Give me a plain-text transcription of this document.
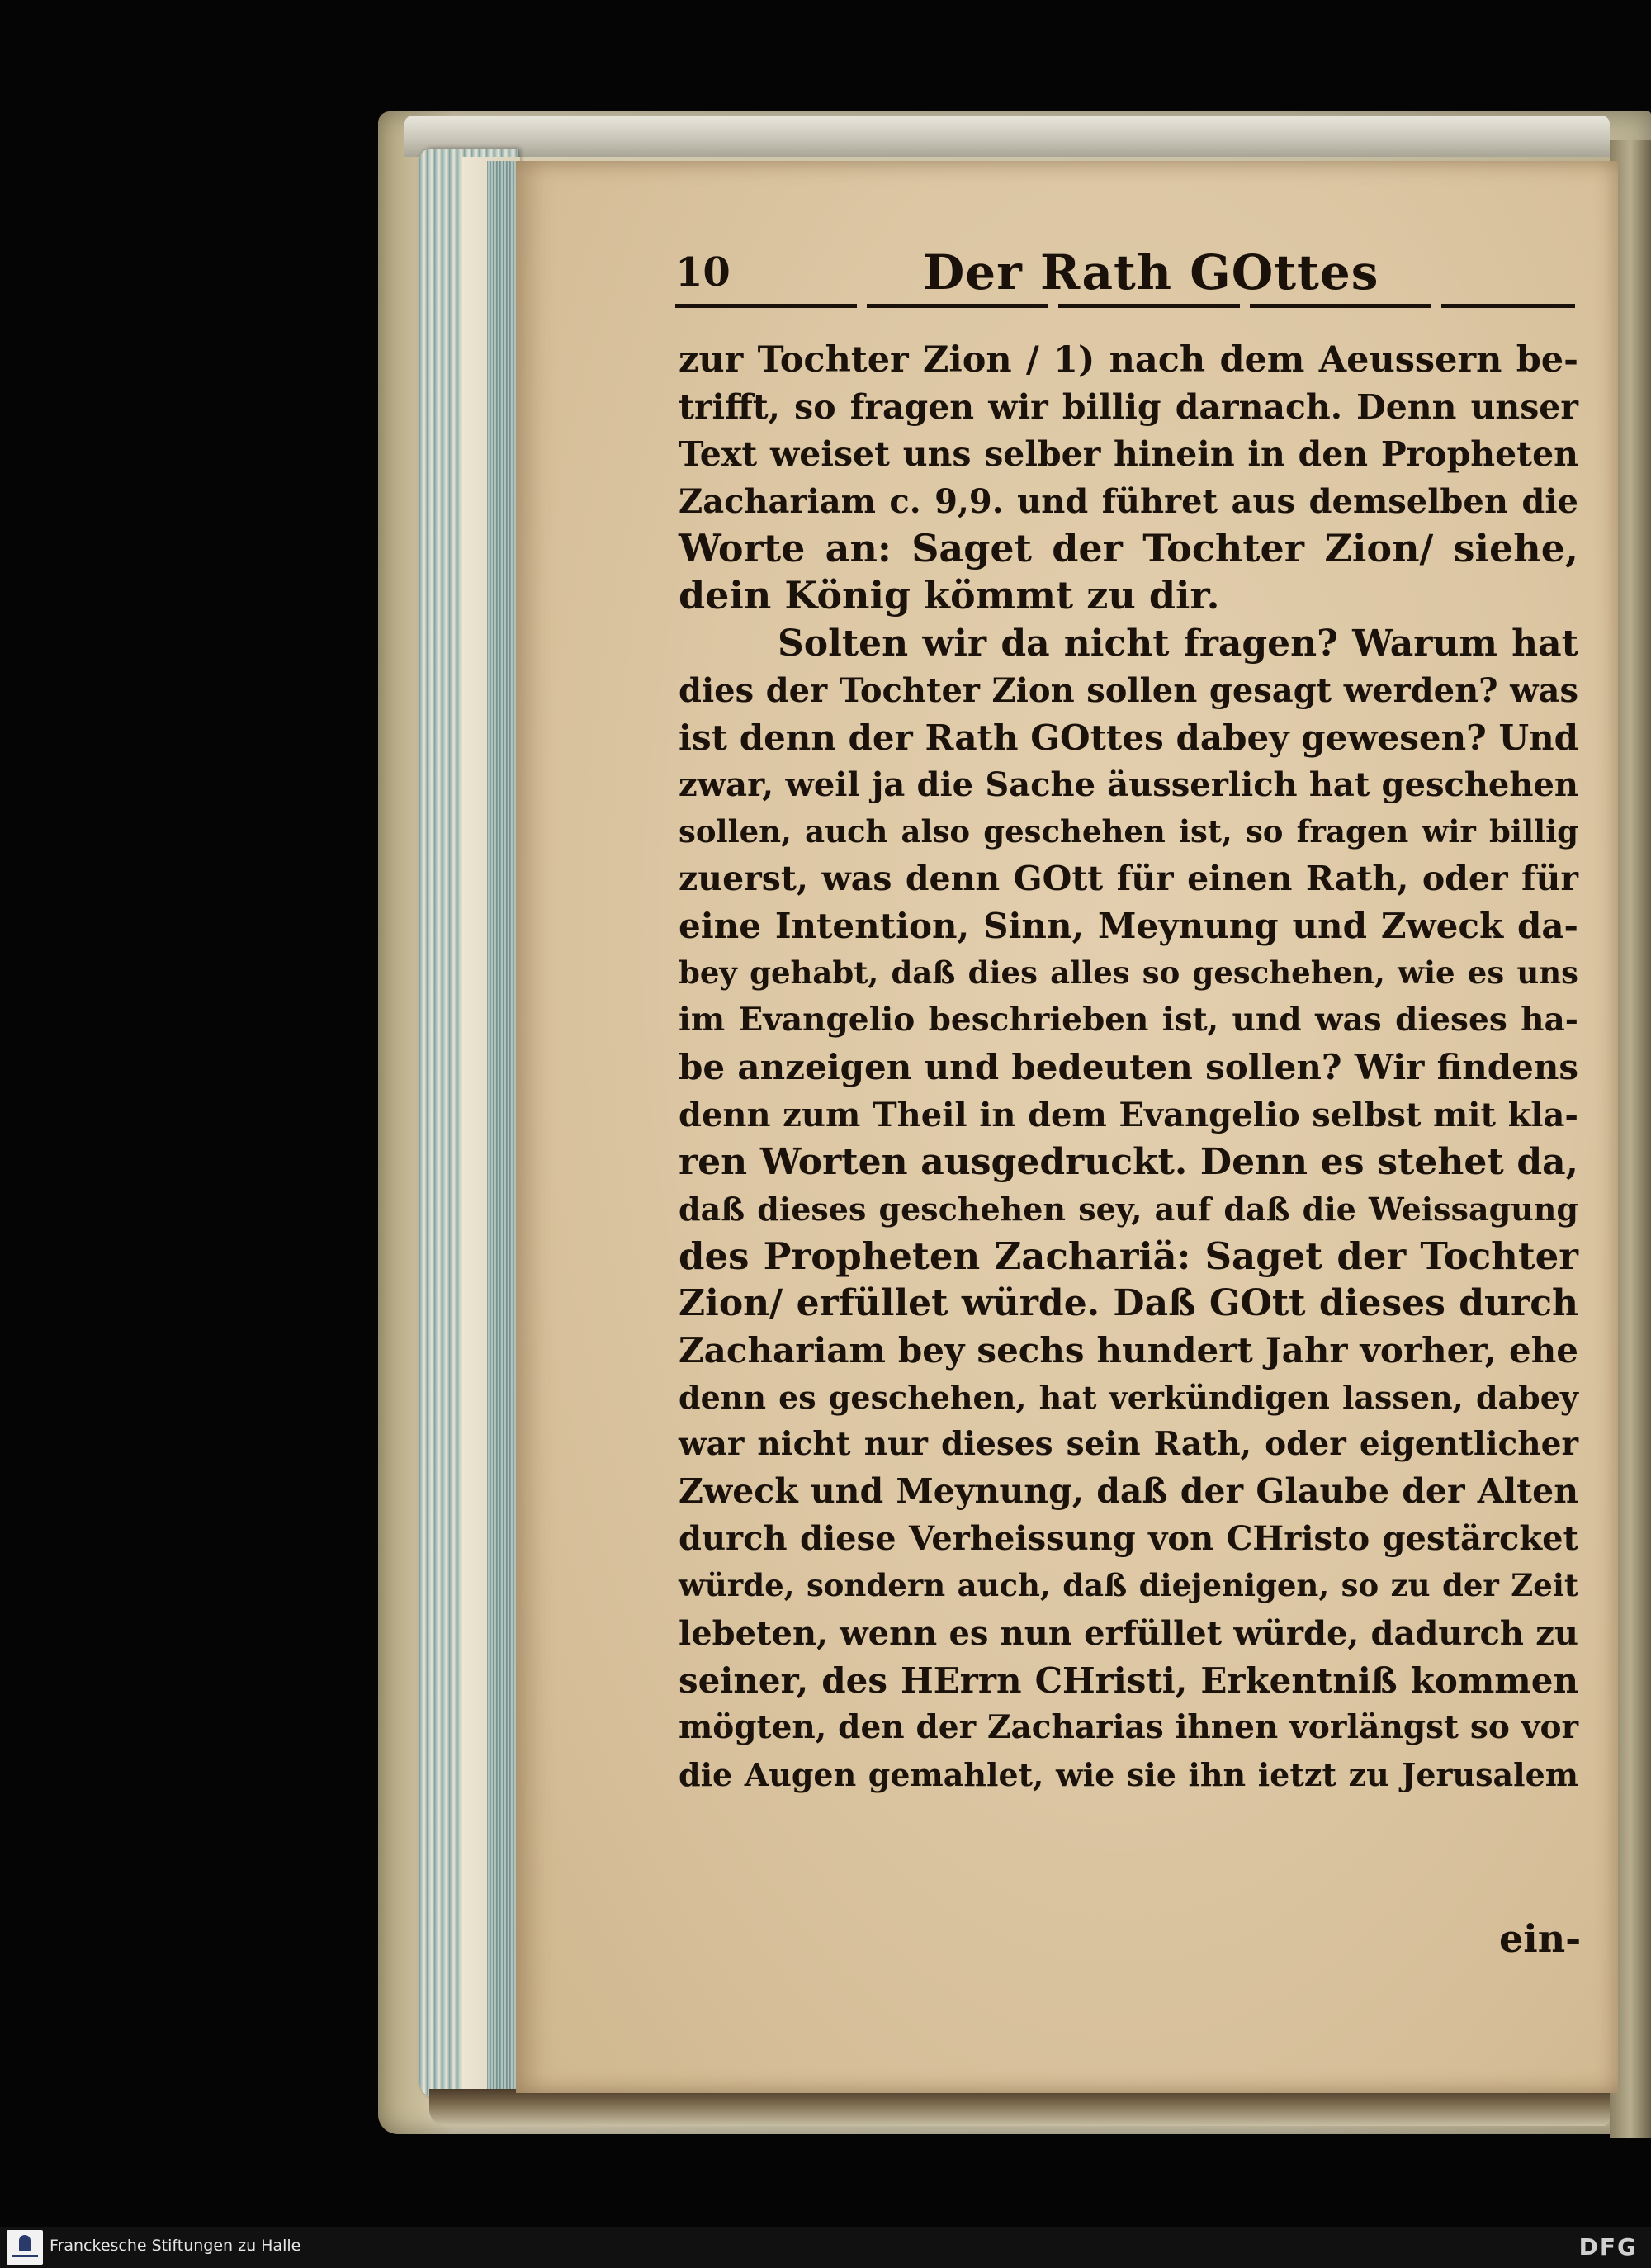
10	Der Rath GOttes
zur Tochter Zion / 1) nach dem Aeussern be-
trifft, so fragen wir billig darnach. Denn unser
Text weiset uns selber hinein in den Propheten
Zachariam c. 9,9. und führet aus demselben die
Worte an: Saget der Tochter Zion/ siehe,
dein König kömmt zu dir.
Solten wir da nicht fragen? Warum hat
dies der Tochter Zion sollen gesagt werden? was
ist denn der Rath GOttes dabey gewesen? Und
zwar, weil ja die Sache äusserlich hat geschehen
sollen, auch also geschehen ist, so fragen wir billig
zuerst, was denn GOtt für einen Rath, oder für
eine Intention, Sinn, Meynung und Zweck da-
bey gehabt, daß dies alles so geschehen, wie es uns
im Evangelio beschrieben ist, und was dieses ha-
be anzeigen und bedeuten sollen? Wir findens
denn zum Theil in dem Evangelio selbst mit kla-
ren Worten ausgedruckt. Denn es stehet da,
daß dieses geschehen sey, auf daß die Weissagung
des Propheten Zachariä: Saget der Tochter
Zion/ erfüllet würde. Daß GOtt dieses durch
Zachariam bey sechs hundert Jahr vorher, ehe
denn es geschehen, hat verkündigen lassen, dabey
war nicht nur dieses sein Rath, oder eigentlicher
Zweck und Meynung, daß der Glaube der Alten
durch diese Verheissung von CHristo gestärcket
würde, sondern auch, daß diejenigen, so zu der Zeit
lebeten, wenn es nun erfüllet würde, dadurch zu
seiner, des HErrn CHristi, Erkentniß kommen
mögten, den der Zacharias ihnen vorlängst so vor
die Augen gemahlet, wie sie ihn ietzt zu Jerusalem
ein-
Franckesche Stiftungen zu Halle	DFG
